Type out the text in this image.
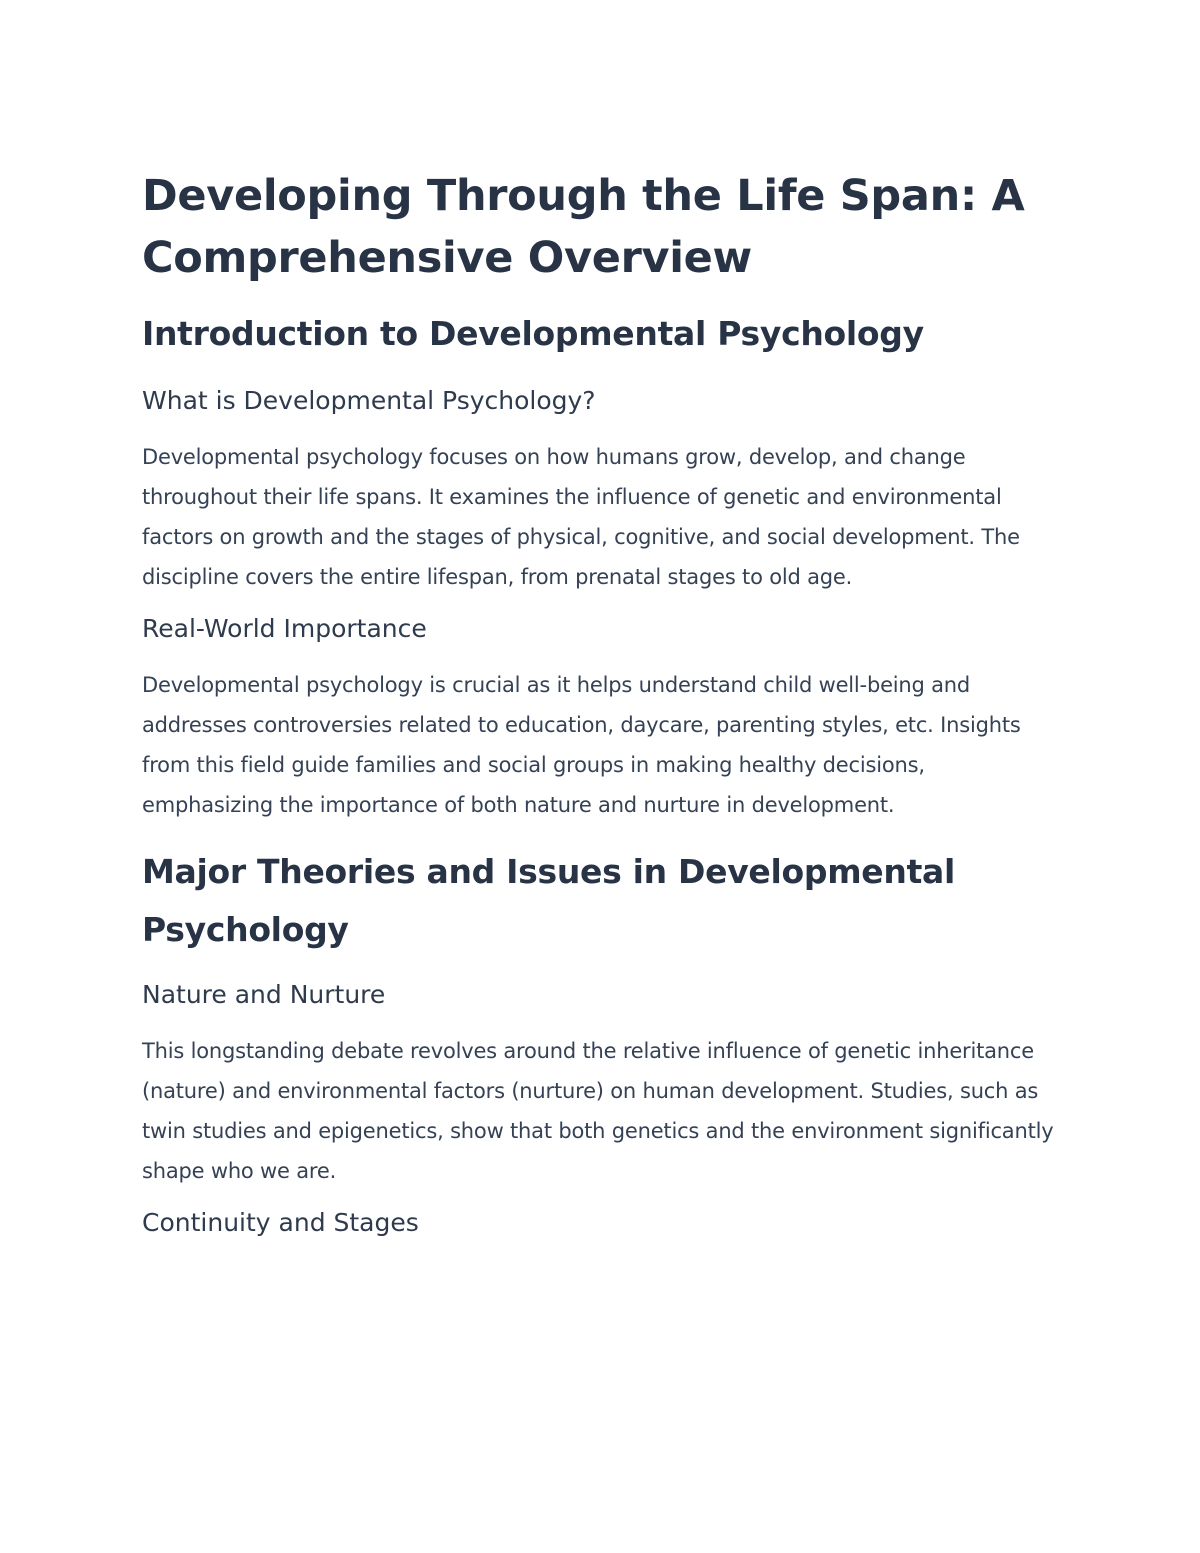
Developing Through the Life Span: A Comprehensive Overview
Introduction to Developmental Psychology
What is Developmental Psychology?

Developmental psychology focuses on how humans grow, develop, and change throughout their life spans. It examines the influence of genetic and environmental factors on growth and the stages of physical, cognitive, and social development. The discipline covers the entire lifespan, from prenatal stages to old age.

Real-World Importance

Developmental psychology is crucial as it helps understand child well-being and addresses controversies related to education, daycare, parenting styles, etc. Insights from this field guide families and social groups in making healthy decisions, emphasizing the importance of both nature and nurture in development.

Major Theories and Issues in Developmental Psychology
Nature and Nurture

This longstanding debate revolves around the relative influence of genetic inheritance (nature) and environmental factors (nurture) on human development. Studies, such as twin studies and epigenetics, show that both genetics and the environment significantly shape who we are.

Continuity and Stages
